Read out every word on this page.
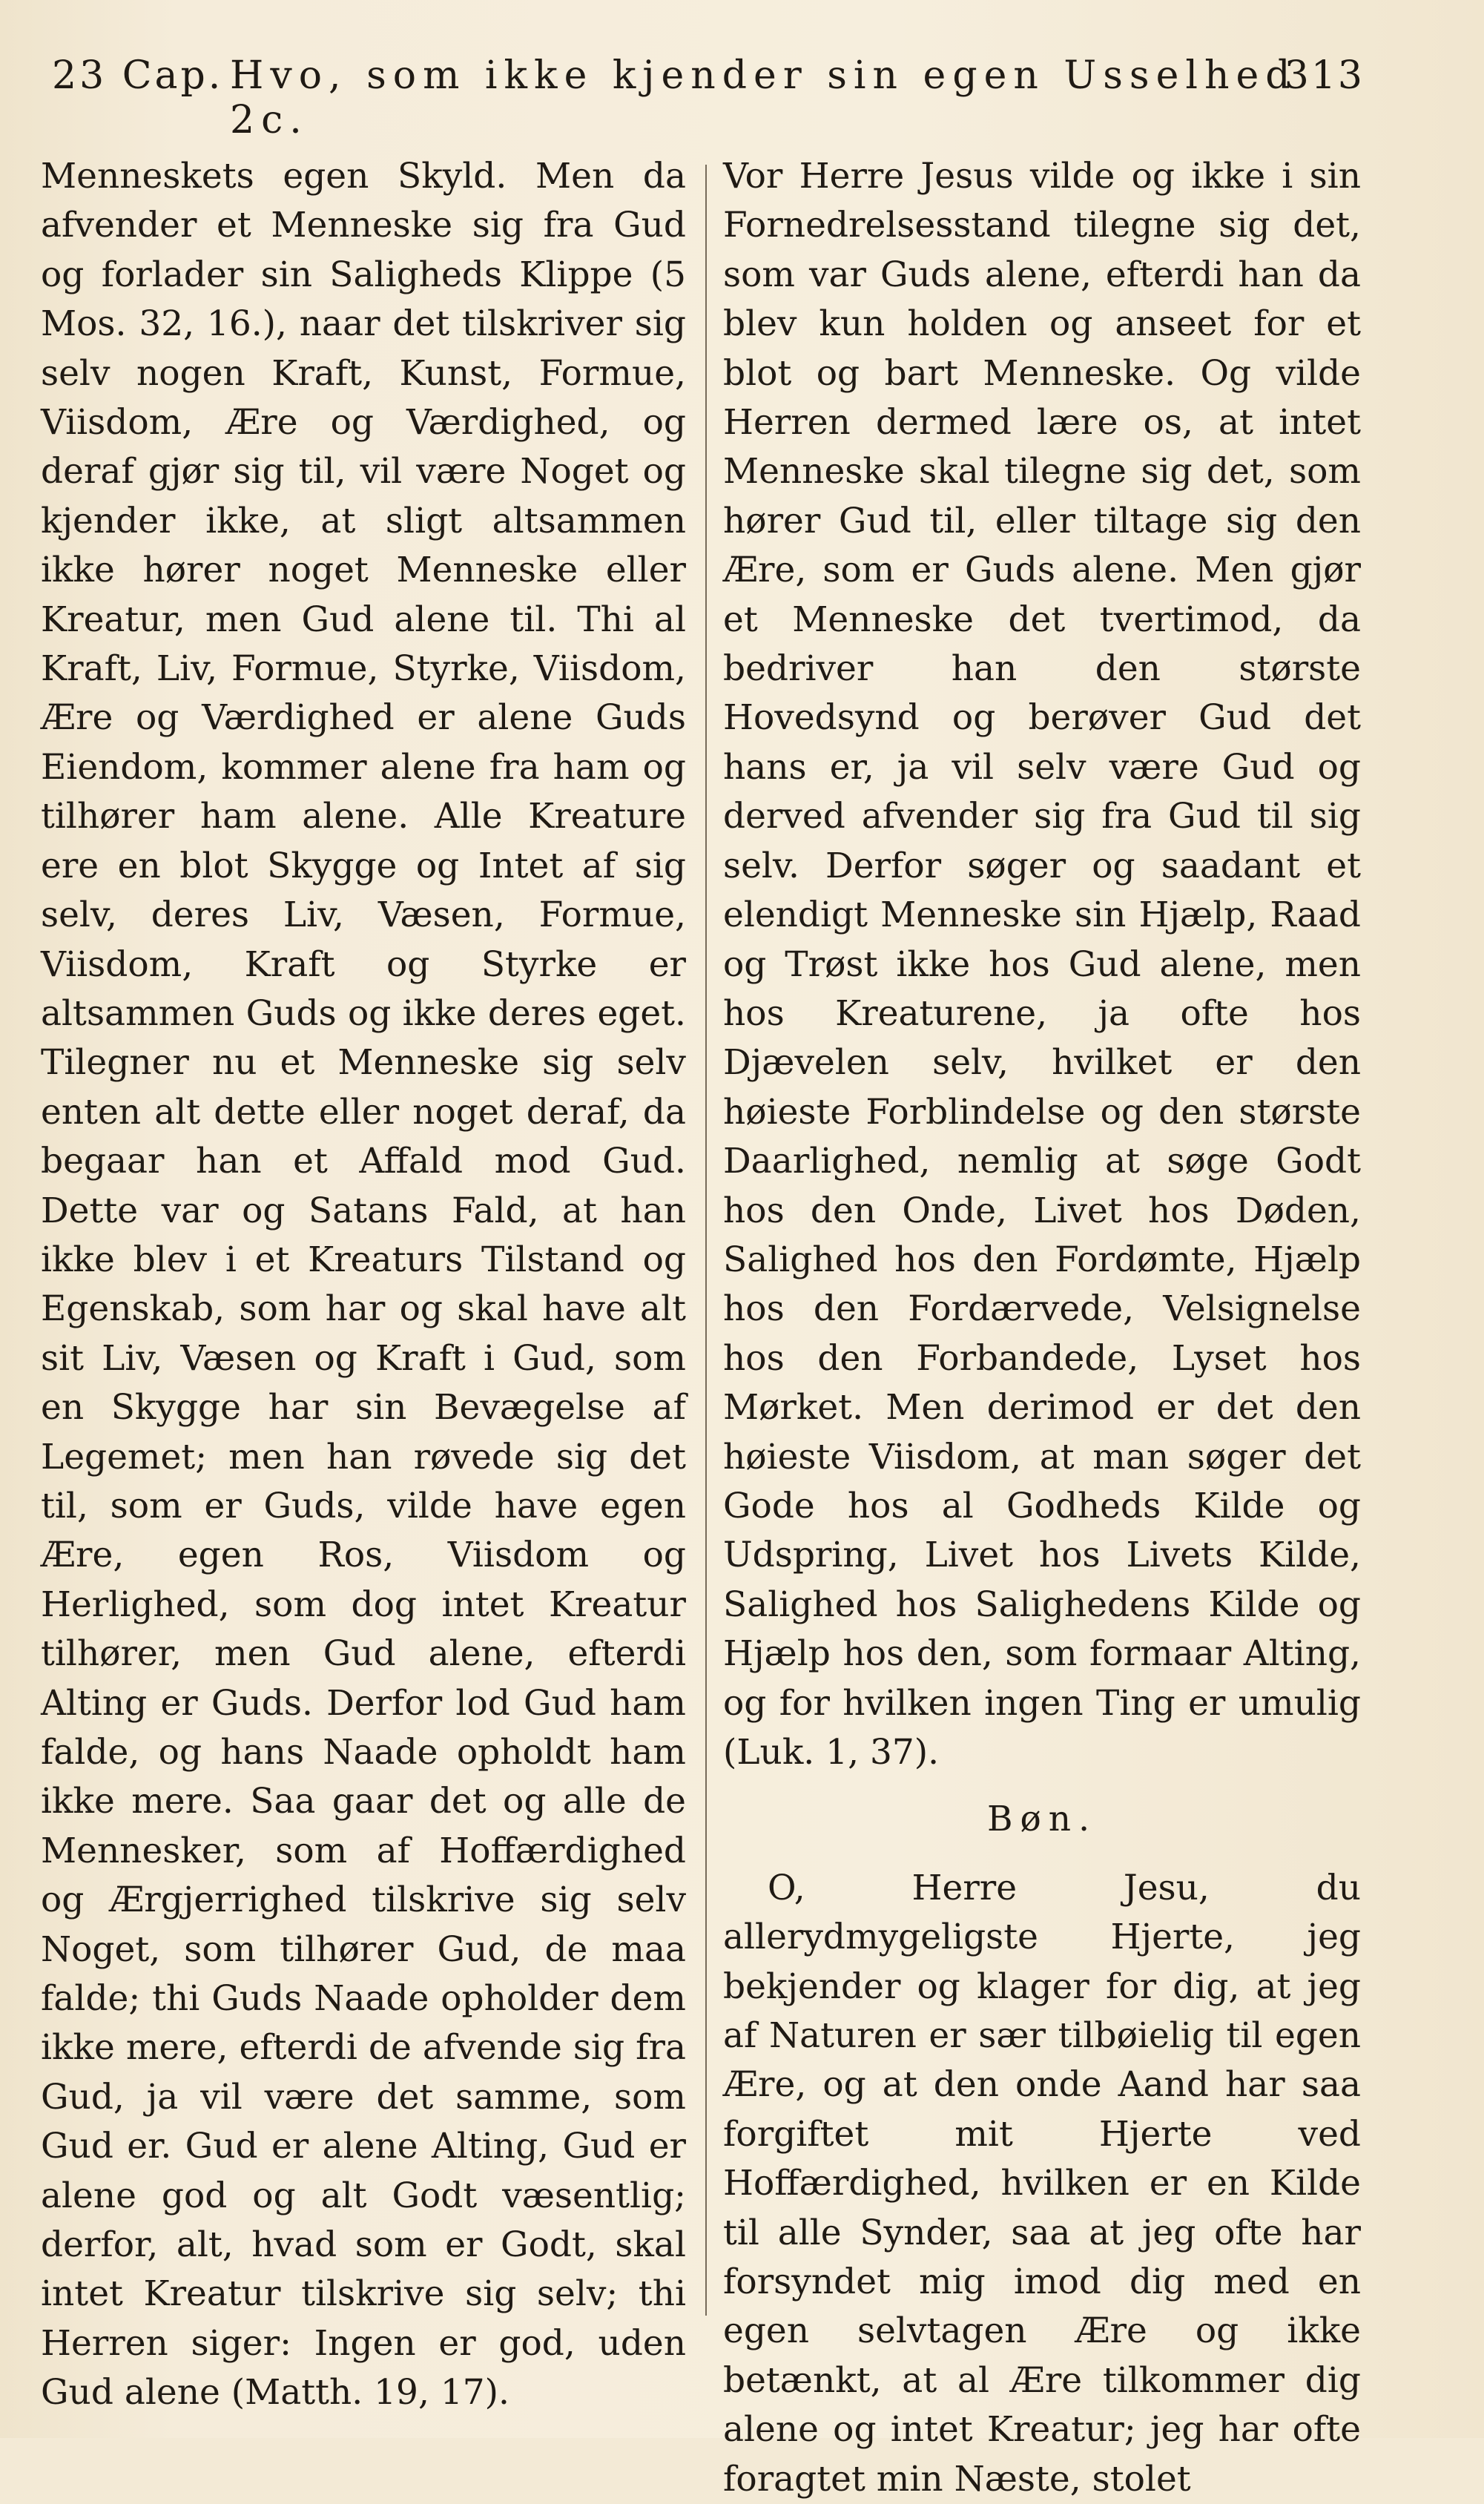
23 Cap. Hvo, som ikke kjender sin egen Usselhed 2c.
313

Menneskets egen Skyld. Men da afvender et Menneske sig fra Gud og forlader sin Saligheds Klippe (5 Mos. 32, 16.), naar det tilskriver sig selv nogen Kraft, Kunst, Formue, Viisdom, Ære og Værdighed, og deraf gjør sig til, vil være Noget og kjender ikke, at sligt altsammen ikke hører noget Menneske eller Kreatur, men Gud alene til. Thi al Kraft, Liv, Formue, Styrke, Viisdom, Ære og Værdighed er alene Guds Eiendom, kommer alene fra ham og tilhører ham alene. Alle Kreature ere en blot Skygge og Intet af sig selv, deres Liv, Væsen, Formue, Viisdom, Kraft og Styrke er altsammen Guds og ikke deres eget. Tilegner nu et Menneske sig selv enten alt dette eller noget deraf, da begaar han et Affald mod Gud. Dette var og Satans Fald, at han ikke blev i et Kreaturs Tilstand og Egenskab, som har og skal have alt sit Liv, Væsen og Kraft i Gud, som en Skygge har sin Bevægelse af Legemet; men han røvede sig det til, som er Guds, vilde have egen Ære, egen Ros, Viisdom og Herlighed, som dog intet Kreatur tilhører, men Gud alene, efterdi Alting er Guds. Derfor lod Gud ham falde, og hans Naade opholdt ham ikke mere. Saa gaar det og alle de Mennesker, som af Hoffærdighed og Ærgjerrighed tilskrive sig selv Noget, som tilhører Gud, de maa falde; thi Guds Naade opholder dem ikke mere, efterdi de afvende sig fra Gud, ja vil være det samme, som Gud er. Gud er alene Alting, Gud er alene god og alt Godt væsentlig; derfor, alt, hvad som er Godt, skal intet Kreatur tilskrive sig selv; thi Herren siger: Ingen er god, uden Gud alene (Matth. 19, 17).

Vor Herre Jesus vilde og ikke i sin Fornedrelsesstand tilegne sig det, som var Guds alene, efterdi han da blev kun holden og anseet for et blot og bart Menneske. Og vilde Herren dermed lære os, at intet Menneske skal tilegne sig det, som hører Gud til, eller tiltage sig den Ære, som er Guds alene. Men gjør et Menneske det tvertimod, da bedriver han den største Hovedsynd og berøver Gud det hans er, ja vil selv være Gud og derved afvender sig fra Gud til sig selv. Derfor søger og saadant et elendigt Menneske sin Hjælp, Raad og Trøst ikke hos Gud alene, men hos Kreaturene, ja ofte hos Djævelen selv, hvilket er den høieste Forblindelse og den største Daarlighed, nemlig at søge Godt hos den Onde, Livet hos Døden, Salighed hos den Fordømte, Hjælp hos den Fordærvede, Velsignelse hos den Forbandede, Lyset hos Mørket. Men derimod er det den høieste Viisdom, at man søger det Gode hos al Godheds Kilde og Udspring, Livet hos Livets Kilde, Salighed hos Salighedens Kilde og Hjælp hos den, som formaar Alting, og for hvilken ingen Ting er umulig (Luk. 1, 37).

Bøn.

O, Herre Jesu, du allerydmygeligste Hjerte, jeg bekjender og klager for dig, at jeg af Naturen er sær tilbøielig til egen Ære, og at den onde Aand har saa forgiftet mit Hjerte ved Hoffærdighed, hvilken er en Kilde til alle Synder, saa at jeg ofte har forsyndet mig imod dig med en egen selvtagen Ære og ikke betænkt, at al Ære tilkommer dig alene og intet Kreatur; jeg har ofte foragtet min Næste, stolet
